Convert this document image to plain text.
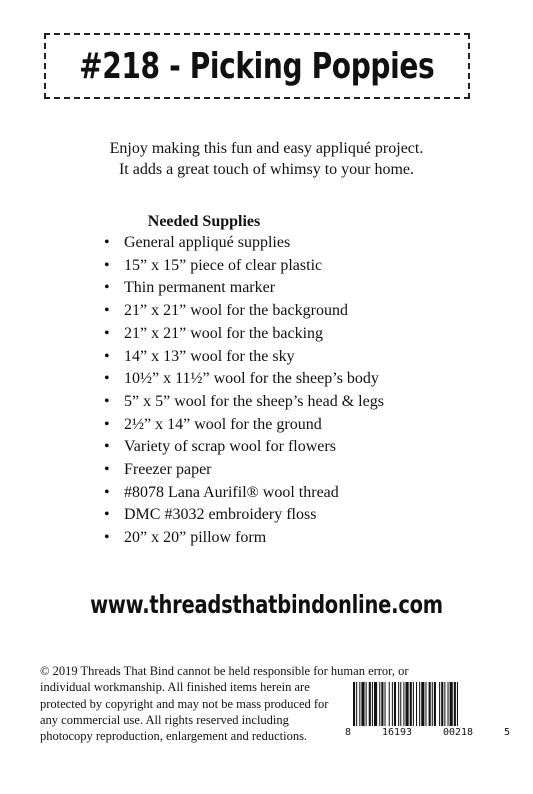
#218 - Picking Poppies
Enjoy making this fun and easy appliqué project.
It adds a great touch of whimsy to your home.
Needed Supplies
• General appliqué supplies
• 15” x 15” piece of clear plastic
• Thin permanent marker
• 21” x 21” wool for the background
• 21” x 21” wool for the backing
• 14” x 13” wool for the sky
• 10½” x 11½” wool for the sheep’s body
• 5” x 5” wool for the sheep’s head & legs
• 2½” x 14” wool for the ground
• Variety of scrap wool for flowers
• Freezer paper
• #8078 Lana Aurifil® wool thread
• DMC #3032 embroidery floss
• 20” x 20” pillow form
www.threadsthatbindonline.com
© 2019 Threads That Bind cannot be held responsible for human error, or
individual workmanship. All finished items herein are protected by copyright and may not be mass produced for any commercial use. All rights reserved including photocopy reproduction, enlargement and reductions.	8	16193	00218	5
